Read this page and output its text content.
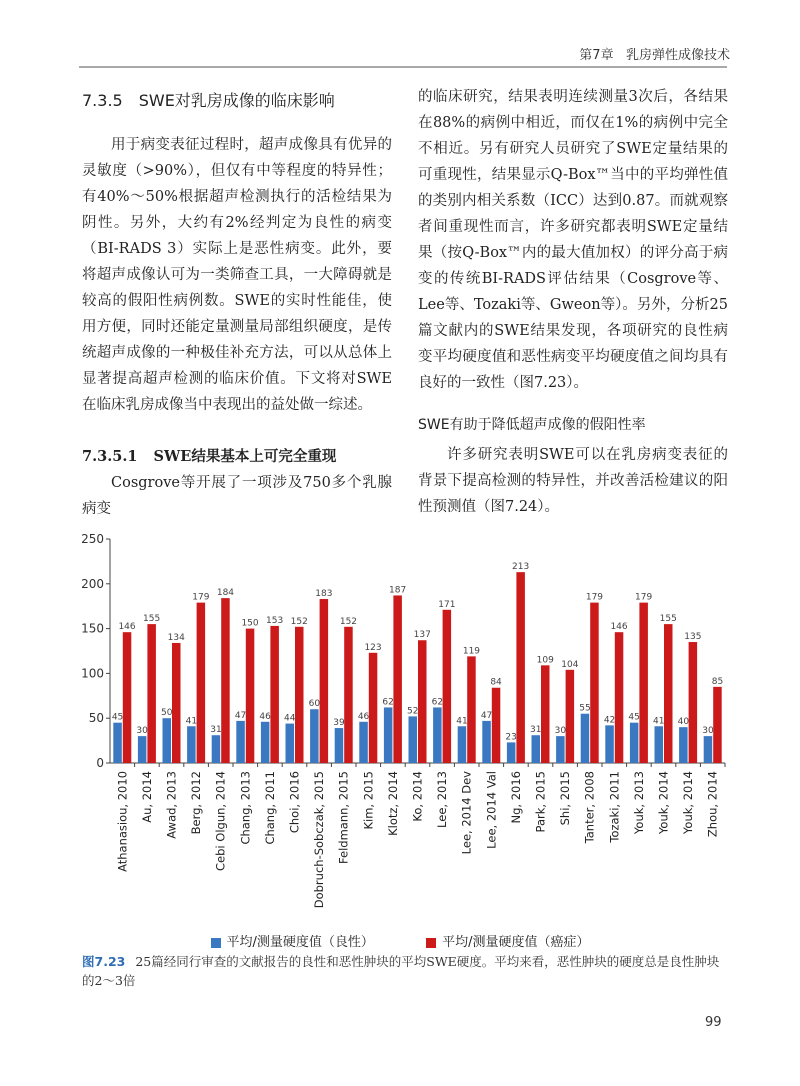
第7章 乳房弹性成像技术
7.3.5 SWE对乳房成像的临床影响

用于病变表征过程时，超声成像具有优异的灵敏度（>90%），但仅有中等程度的特异性；有40%～50%根据超声检测执行的活检结果为阴性。另外，大约有2%经判定为良性的病变（BI-RADS 3）实际上是恶性病变。此外，要将超声成像认可为一类筛查工具，一大障碍就是较高的假阳性病例数。SWE的实时性能佳，使用方便，同时还能定量测量局部组织硬度，是传统超声成像的一种极佳补充方法，可以从总体上显著提高超声检测的临床价值。下文将对SWE在临床乳房成像当中表现出的益处做一综述。

7.3.5.1 SWE结果基本上可完全重现

Cosgrove等开展了一项涉及750多个乳腺病变

的临床研究，结果表明连续测量3次后，各结果在88%的病例中相近，而仅在1%的病例中完全不相近。另有研究人员研究了SWE定量结果的可重现性，结果显示Q-Box™当中的平均弹性值的类别内相关系数（ICC）达到0.87。而就观察者间重现性而言，许多研究都表明SWE定量结果（按Q-Box™内的最大值加权）的评分高于病变的传统BI-RADS评估结果（Cosgrove等、Lee等、Tozaki等、Gweon等）。另外，分析25篇文献内的SWE结果发现，各项研究的良性病变平均硬度值和恶性病变平均硬度值之间均具有良好的一致性（图7.23）。

SWE有助于降低超声成像的假阳性率

许多研究表明SWE可以在乳房病变表征的背景下提高检测的特异性，并改善活检建议的阳性预测值（图7.24）。

0
50
100
150
200
250
45
146
Athanasiou, 2010
30
155
Au, 2014
50
134
Awad, 2013
41
179
Berg, 2012
31
184
Cebi Olgun, 2014
47
150
Chang, 2013
46
153
Chang, 2011
44
152
Choi, 2016
60
183
Dobruch-Sobczak, 2015
39
152
Feldmann, 2015
46
123
Kim, 2015
62
187
Klotz, 2014
52
137
Ko, 2014
62
171
Lee, 2013
41
119
Lee, 2014 Dev
47
84
Lee, 2014 Val
23
213
Ng, 2016
31
109
Park, 2015
30
104
Shi, 2015
55
179
Tanter, 2008
42
146
Tozaki, 2011
45
179
Youk, 2013
41
155
Youk, 2014
40
135
Youk, 2014
30
85
Zhou, 2014
平均/测量硬度值（良性）	平均/测量硬度值（癌症）
图7.23 25篇经同行审查的文献报告的良性和恶性肿块的平均SWE硬度。平均来看，恶性肿块的硬度总是良性肿块的2～3倍
99
